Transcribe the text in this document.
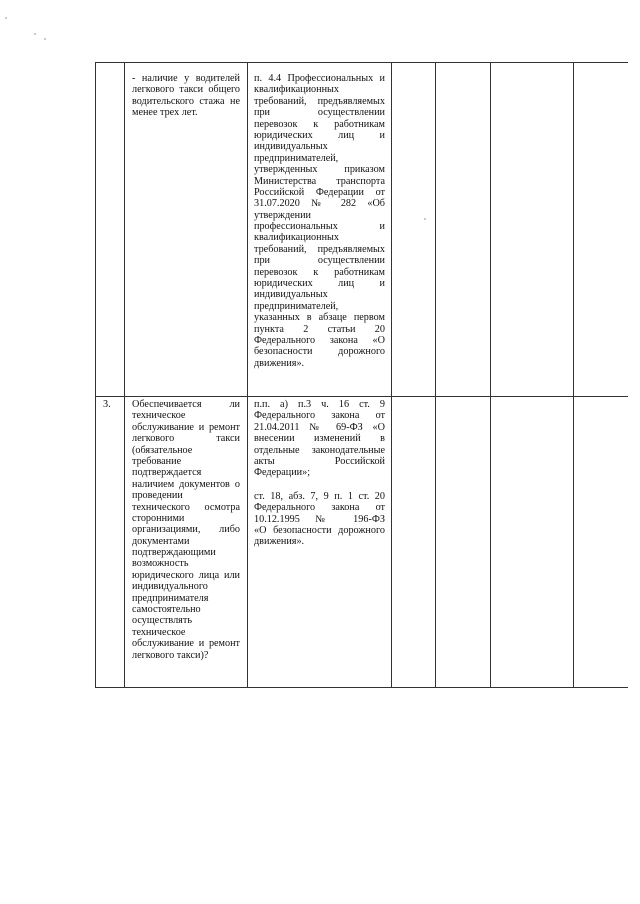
- наличие у водителей
легкового такси общего
водительского стажа не
менее трех лет.
п. 4.4 Профессиональных и
квалификационных
требований, предъявляемых
при осуществлении
перевозок к работникам
юридических лиц и
индивидуальных
предпринимателей,
утвержденных приказом
Министерства транспорта
Российской Федерации от
31.07.2020 № 282 «Об
утверждении
профессиональных и
квалификационных
требований, предъявляемых
при осуществлении
перевозок к работникам
юридических лиц и
индивидуальных
предпринимателей,
указанных в абзаце первом
пункта 2 статьи 20
Федерального закона «О
безопасности дорожного
движения».
3. Обеспечивается ли
техническое
обслуживание и ремонт
легкового такси
(обязательное
требование
подтверждается
наличием документов о
проведении
технического осмотра
сторонними
организациями, либо
документами
подтверждающими
возможность
юридического лица или
индивидуального
предпринимателя
самостоятельно
осуществлять
техническое
обслуживание и ремонт
легкового такси)?
п.п. а) п.3 ч. 16 ст. 9
Федерального закона от
21.04.2011 № 69-ФЗ «О
внесении изменений в
отдельные законодательные
акты Российской
Федерации»;
ст. 18, абз. 7, 9 п. 1 ст. 20
Федерального закона от
10.12.1995 № 196-ФЗ
«О безопасности дорожного
движения».
